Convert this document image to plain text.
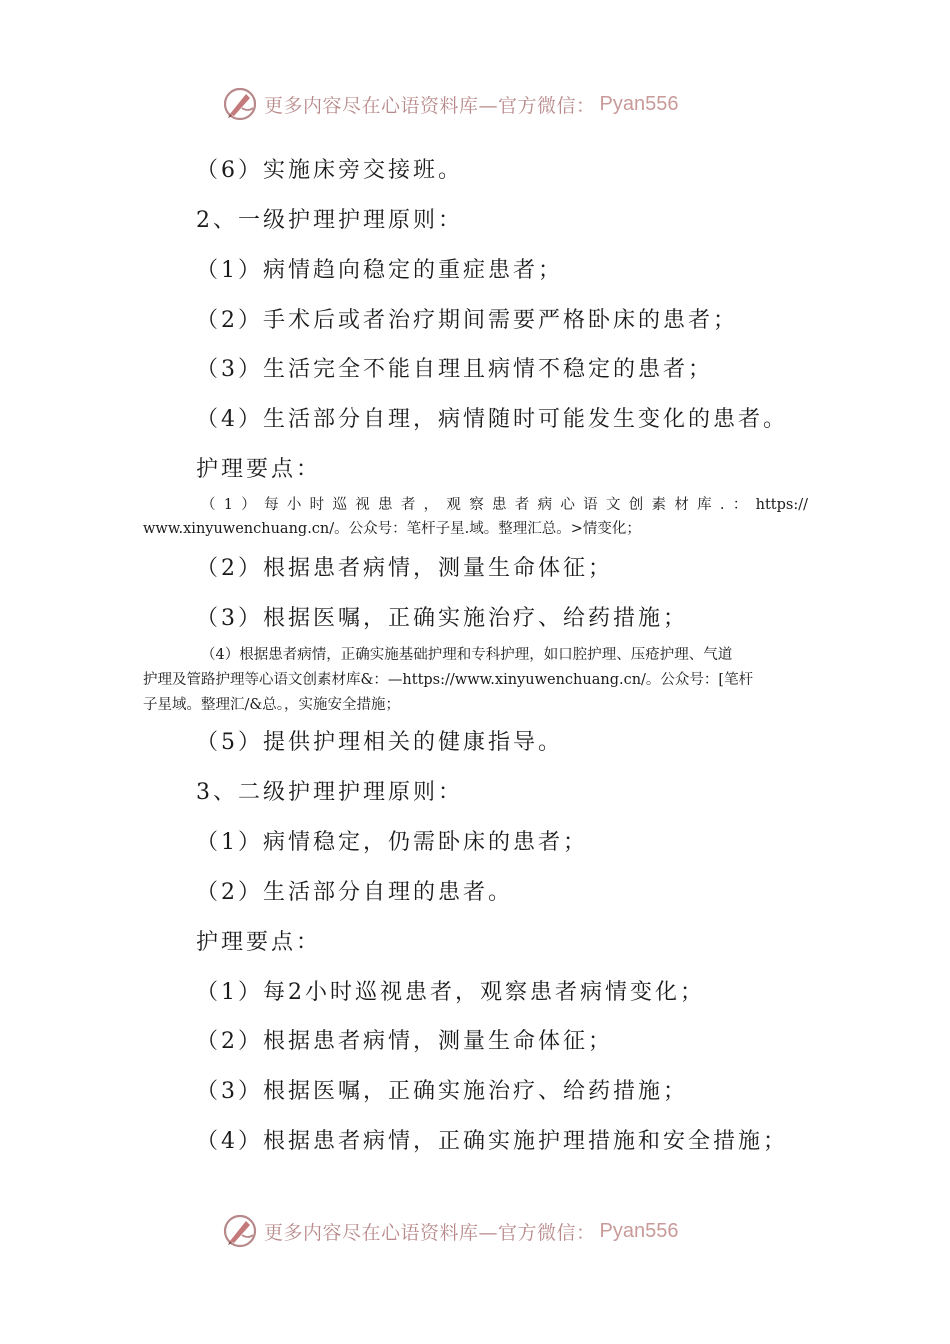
更多内容尽在心语资料库—官方微信： Pyan556
（6）实施床旁交接班。
2、一级护理护理原则：
（1）病情趋向稳定的重症患者；
（2）手术后或者治疗期间需要严格卧床的患者；
（3）生活完全不能自理且病情不稳定的患者；
（4）生活部分自理，病情随时可能发生变化的患者。
护理要点：
（1）每小时巡视患者，观察患者病心语文创素材库.：https://
www.xinyuwenchuang.cn/。公众号：笔杆子星.域。整理汇总。>情变化；
（2）根据患者病情，测量生命体征；
（3）根据医嘱，正确实施治疗、给药措施；
（4）根据患者病情，正确实施基础护理和专科护理，如口腔护理、压疮护理、气道
护理及管路护理等心语文创素材库&：—https://www.xinyuwenchuang.cn/。公众号：[笔杆
子星域。整理汇/&总。，实施安全措施；
（5）提供护理相关的健康指导。
3、二级护理护理原则：
（1）病情稳定，仍需卧床的患者；
（2）生活部分自理的患者。
护理要点：
（1）每2小时巡视患者，观察患者病情变化；
（2）根据患者病情，测量生命体征；
（3）根据医嘱，正确实施治疗、给药措施；
（4）根据患者病情，正确实施护理措施和安全措施；
更多内容尽在心语资料库—官方微信： Pyan556
